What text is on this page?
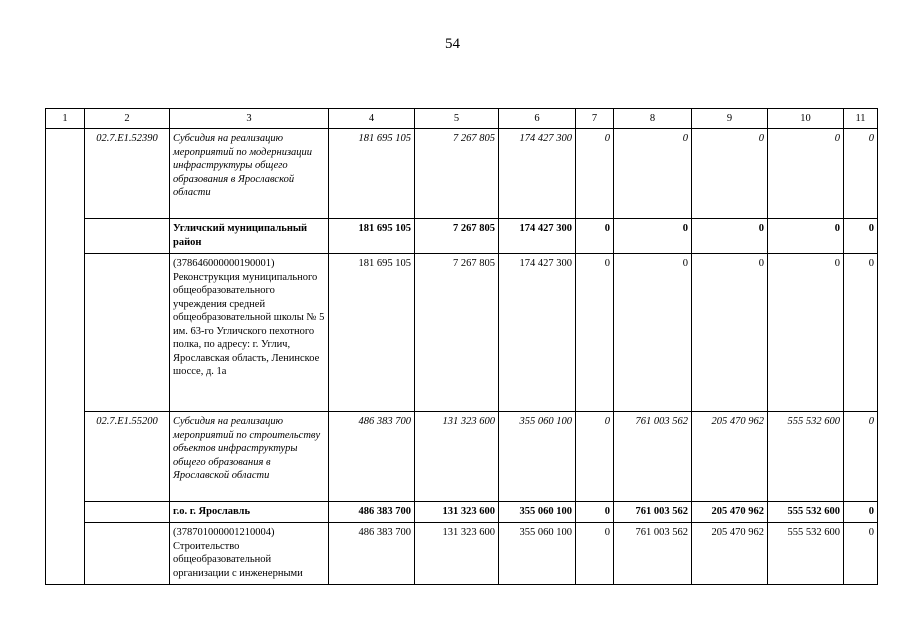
54
1	2	3	4	5	6	7	8	9	10	11
	02.7.E1.52390	Субсидия на реализацию мероприятий по модернизации инфраструктуры общего образования в Ярославской области	181 695 105	7 267 805	174 427 300	0	0	0	0	0
		Угличский муниципальный район	181 695 105	7 267 805	174 427 300	0	0	0	0	0
		(378646000000190001) Реконструкция муниципального общеобразовательного учреждения средней общеобразовательной школы № 5 им. 63-го Угличского пехотного полка, по адресу: г. Углич, Ярославская область, Ленинское шоссе, д. 1а	181 695 105	7 267 805	174 427 300	0	0	0	0	0
	02.7.E1.55200	Субсидия на реализацию мероприятий по строительству объектов инфраструктуры общего образования в Ярославской области	486 383 700	131 323 600	355 060 100	0	761 003 562	205 470 962	555 532 600	0
		г.о. г. Ярославль	486 383 700	131 323 600	355 060 100	0	761 003 562	205 470 962	555 532 600	0
		(378701000001210004) Строительство общеобразовательной организации с инженерными	486 383 700	131 323 600	355 060 100	0	761 003 562	205 470 962	555 532 600	0
